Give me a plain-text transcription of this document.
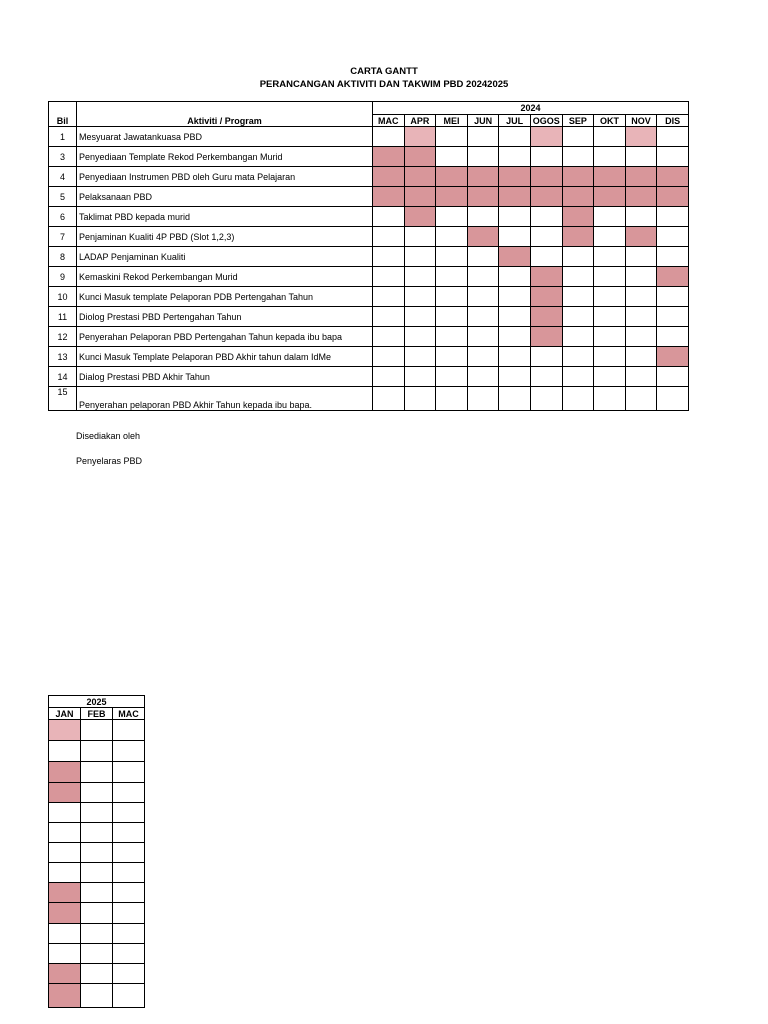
CARTA GANTT
PERANCANGAN AKTIVITI DAN TAKWIM PBD 20242025
Bil	Aktiviti / Program	2024									
		MAC	APR	MEI	JUN	JUL	OGOS	SEP	OKT	NOV	DIS
1	Mesyuarat Jawatankuasa PBD										
3	Penyediaan Template Rekod Perkembangan Murid										
4	Penyediaan Instrumen PBD oleh Guru mata Pelajaran										
5	Pelaksanaan PBD										
6	Taklimat PBD kepada murid										
7	Penjaminan Kualiti 4P PBD (Slot 1,2,3)										
8	LADAP Penjaminan Kualiti										
9	Kemaskini Rekod Perkembangan Murid										
10	Kunci Masuk template Pelaporan PDB Pertengahan Tahun										
11	Diolog Prestasi PBD Pertengahan Tahun										
12	Penyerahan Pelaporan PBD Pertengahan Tahun kepada ibu bapa										
13	Kunci Masuk Template Pelaporan PBD Akhir tahun dalam IdMe										
14	Dialog Prestasi PBD Akhir Tahun										
15	Penyerahan pelaporan PBD Akhir Tahun kepada ibu bapa.										
Disediakan oleh
Penyelaras PBD
2025		
JAN	FEB	MAC
